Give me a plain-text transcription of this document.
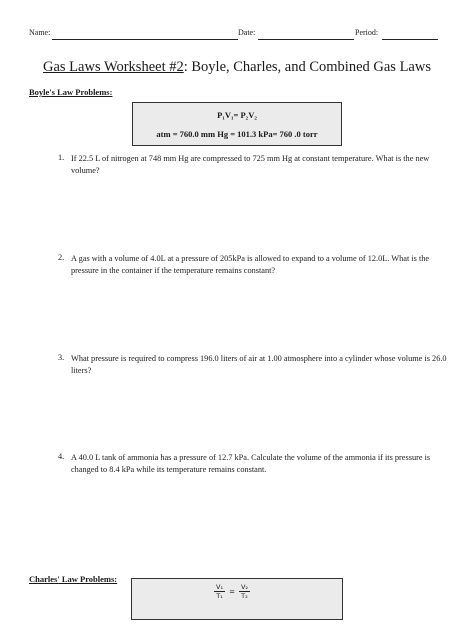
Name:	Date:	Period:
Gas Laws Worksheet #2: Boyle, Charles, and Combined Gas Laws
Boyle's Law Problems:
P₁V₁= P₂V₂
atm = 760.0 mm Hg = 101.3 kPa= 760 .0 torr
1. If 22.5 L of nitrogen at 748 mm Hg are compressed to 725 mm Hg at constant temperature. What is the new volume?
2. A gas with a volume of 4.0L at a pressure of 205kPa is allowed to expand to a volume of 12.0L. What is the pressure in the container if the temperature remains constant?
3. What pressure is required to compress 196.0 liters of air at 1.00 atmosphere into a cylinder whose volume is 26.0 liters?
4. A 40.0 L tank of ammonia has a pressure of 12.7 kPa. Calculate the volume of the ammonia if its pressure is changed to 8.4 kPa while its temperature remains constant.
Charles' Law Problems:
$\frac{\text{V₁}}{\text{T₁}} = \frac{\text{V₂}}{\text{T₂}}$
